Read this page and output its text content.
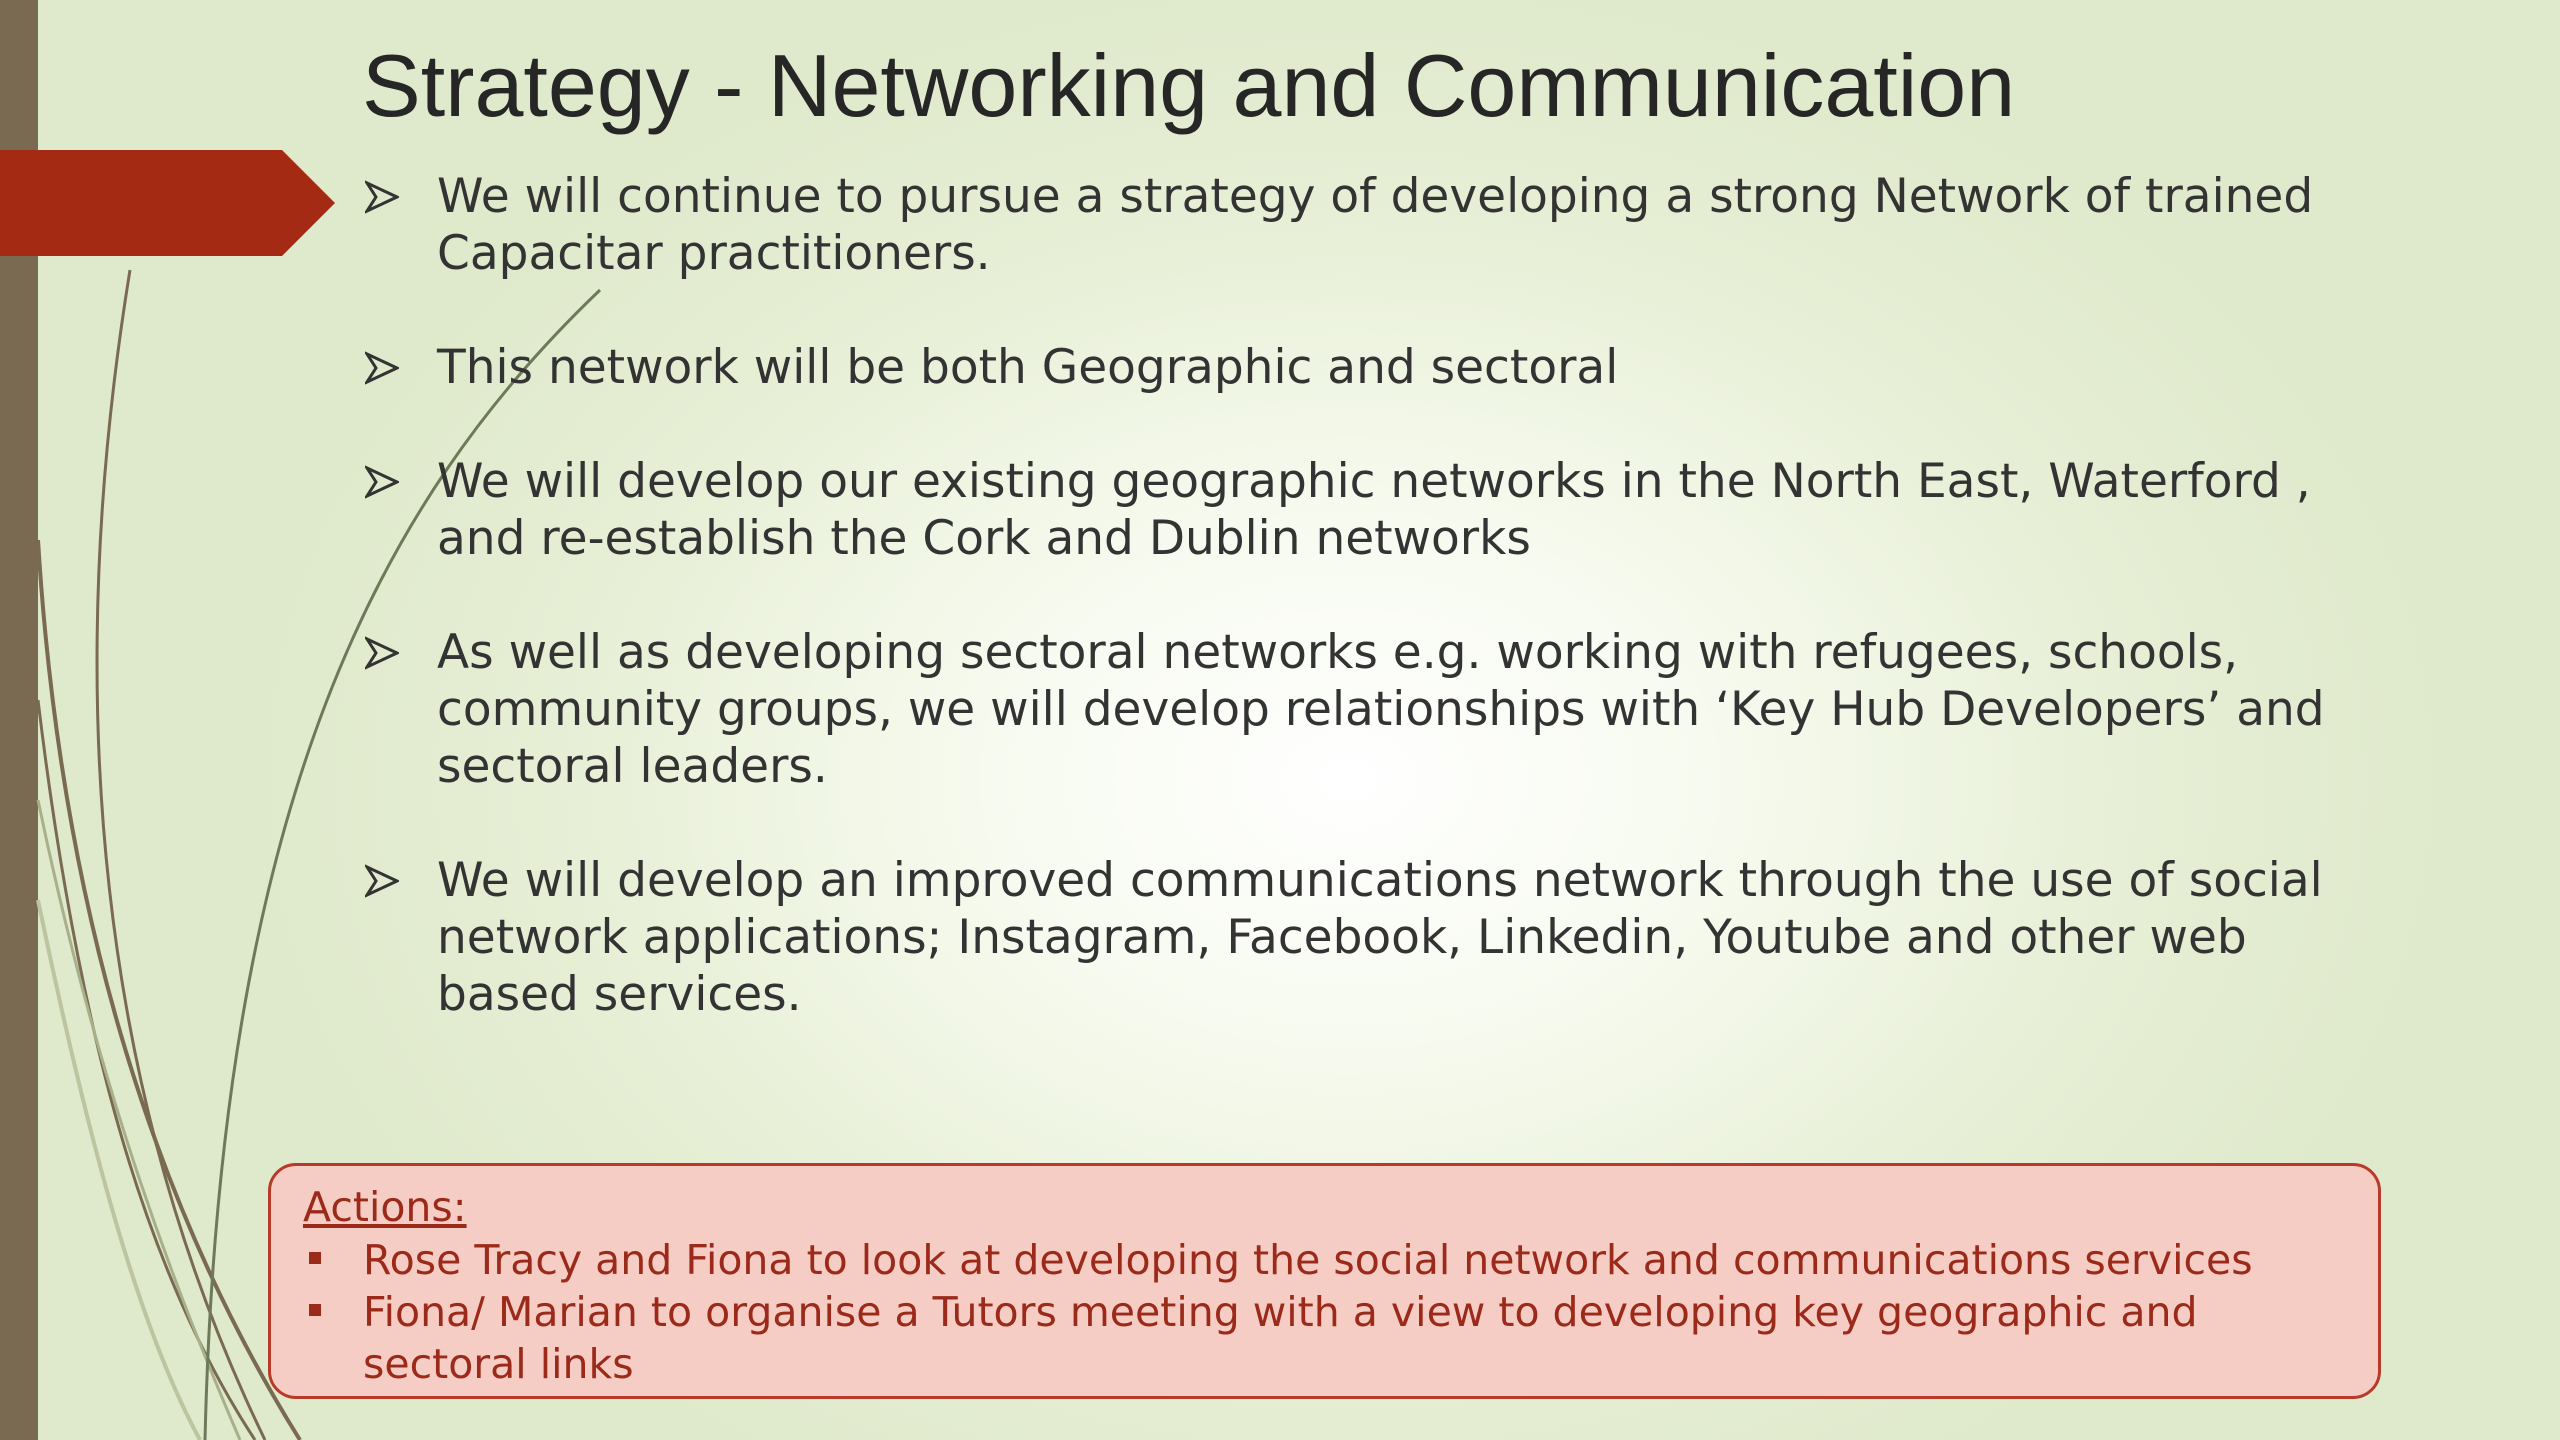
Strategy - Networking and Communication
We will continue to pursue a strategy of developing a strong Network of trained Capacitar practitioners.
This network will be both Geographic and sectoral
We will develop our existing geographic networks in the North East, Waterford , and re-establish the Cork and Dublin networks
As well as developing sectoral networks e.g. working with refugees, schools, community groups, we will develop relationships with ‘Key Hub Developers’ and sectoral leaders.
We will develop an improved communications network through the use of social network applications; Instagram, Facebook, Linkedin, Youtube and other web based services.
Actions:
Rose Tracy and Fiona to look at developing the social network and communications services
Fiona/ Marian to organise a Tutors meeting with a view to developing key geographic and sectoral links
